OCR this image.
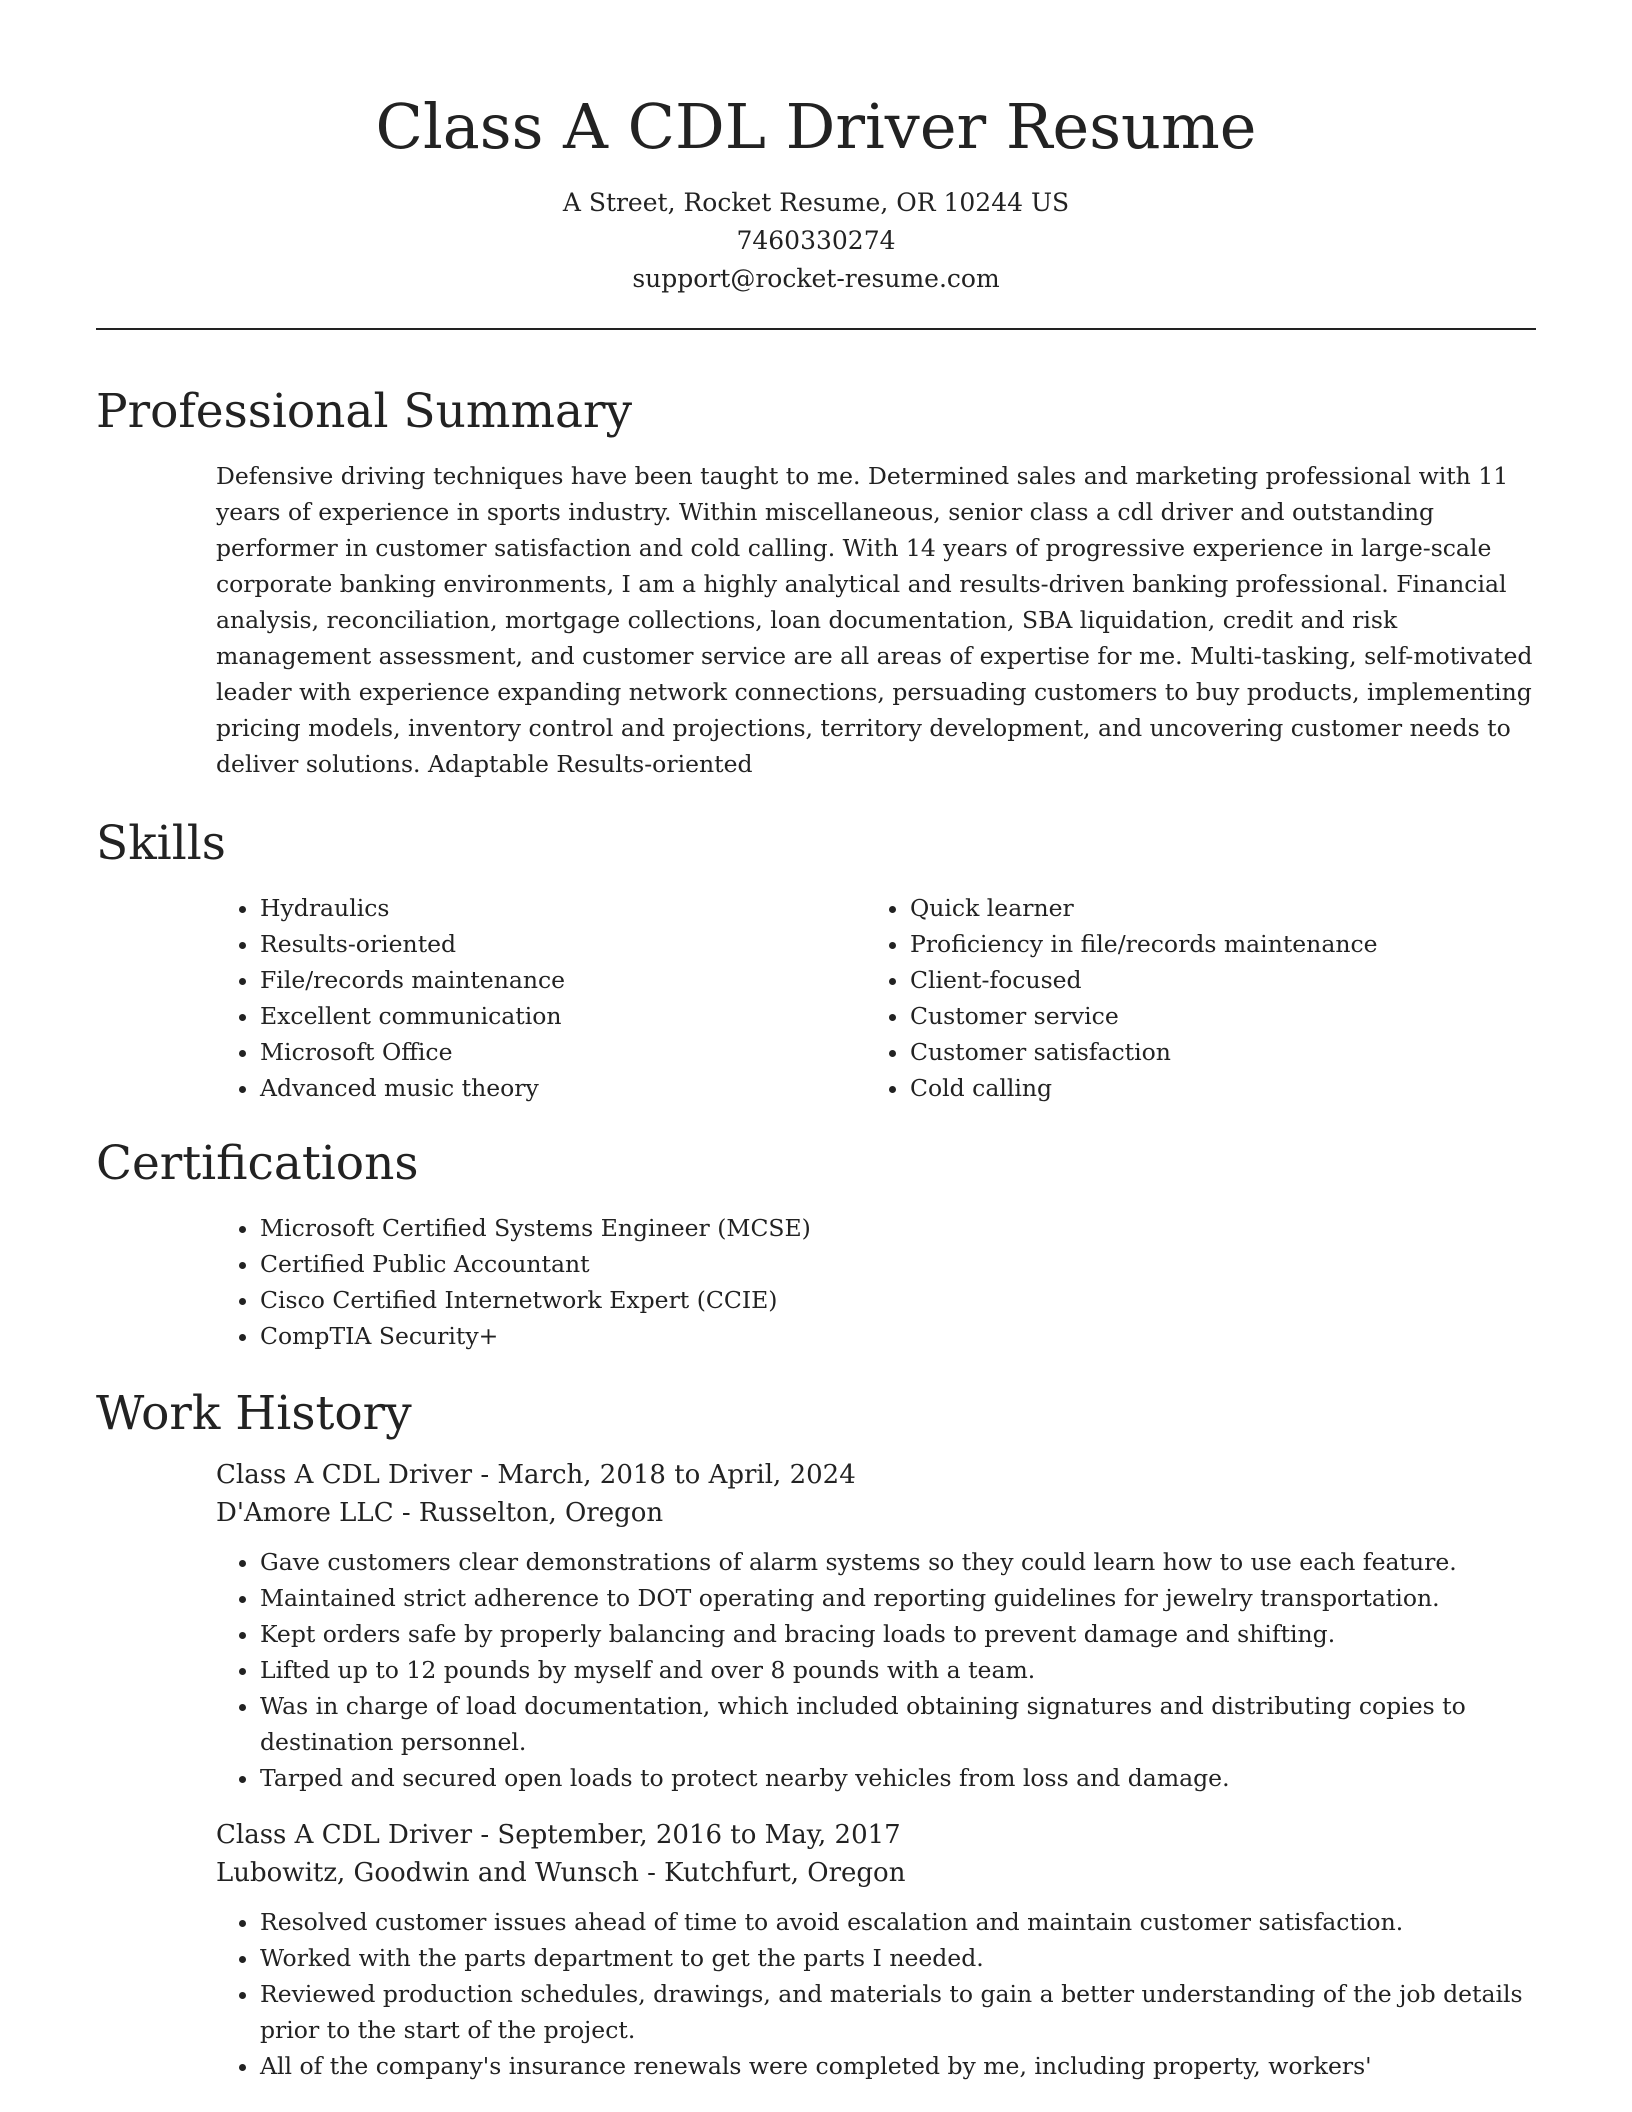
Class A CDL Driver Resume
A Street, Rocket Resume, OR 10244 US
7460330274
support@rocket-resume.com
Professional Summary

Defensive driving techniques have been taught to me. Determined sales and marketing professional with 11 years of experience in sports industry. Within miscellaneous, senior class a cdl driver and outstanding performer in customer satisfaction and cold calling. With 14 years of progressive experience in large-scale corporate banking environments, I am a highly analytical and results-driven banking professional. Financial analysis, reconciliation, mortgage collections, loan documentation, SBA liquidation, credit and risk management assessment, and customer service are all areas of expertise for me. Multi-tasking, self-motivated leader with experience expanding network connections, persuading customers to buy products, implementing pricing models, inventory control and projections, territory development, and uncovering customer needs to deliver solutions. Adaptable Results-oriented

Skills
• Hydraulics
• Results-oriented
• File/records maintenance
• Excellent communication
• Microsoft Office
• Advanced music theory
• Quick learner
• Proficiency in file/records maintenance
• Client-focused
• Customer service
• Customer satisfaction
• Cold calling
Certifications
• Microsoft Certified Systems Engineer (MCSE)
• Certified Public Accountant
• Cisco Certified Internetwork Expert (CCIE)
• CompTIA Security+
Work History
Class A CDL Driver - March, 2018 to April, 2024
D'Amore LLC - Russelton, Oregon
• Gave customers clear demonstrations of alarm systems so they could learn how to use each feature.
• Maintained strict adherence to DOT operating and reporting guidelines for jewelry transportation.
• Kept orders safe by properly balancing and bracing loads to prevent damage and shifting.
• Lifted up to 12 pounds by myself and over 8 pounds with a team.
• Was in charge of load documentation, which included obtaining signatures and distributing copies to destination personnel.
• Tarped and secured open loads to protect nearby vehicles from loss and damage.
Class A CDL Driver - September, 2016 to May, 2017
Lubowitz, Goodwin and Wunsch - Kutchfurt, Oregon
• Resolved customer issues ahead of time to avoid escalation and maintain customer satisfaction.
• Worked with the parts department to get the parts I needed.
• Reviewed production schedules, drawings, and materials to gain a better understanding of the job details prior to the start of the project.
• All of the company's insurance renewals were completed by me, including property, workers'
